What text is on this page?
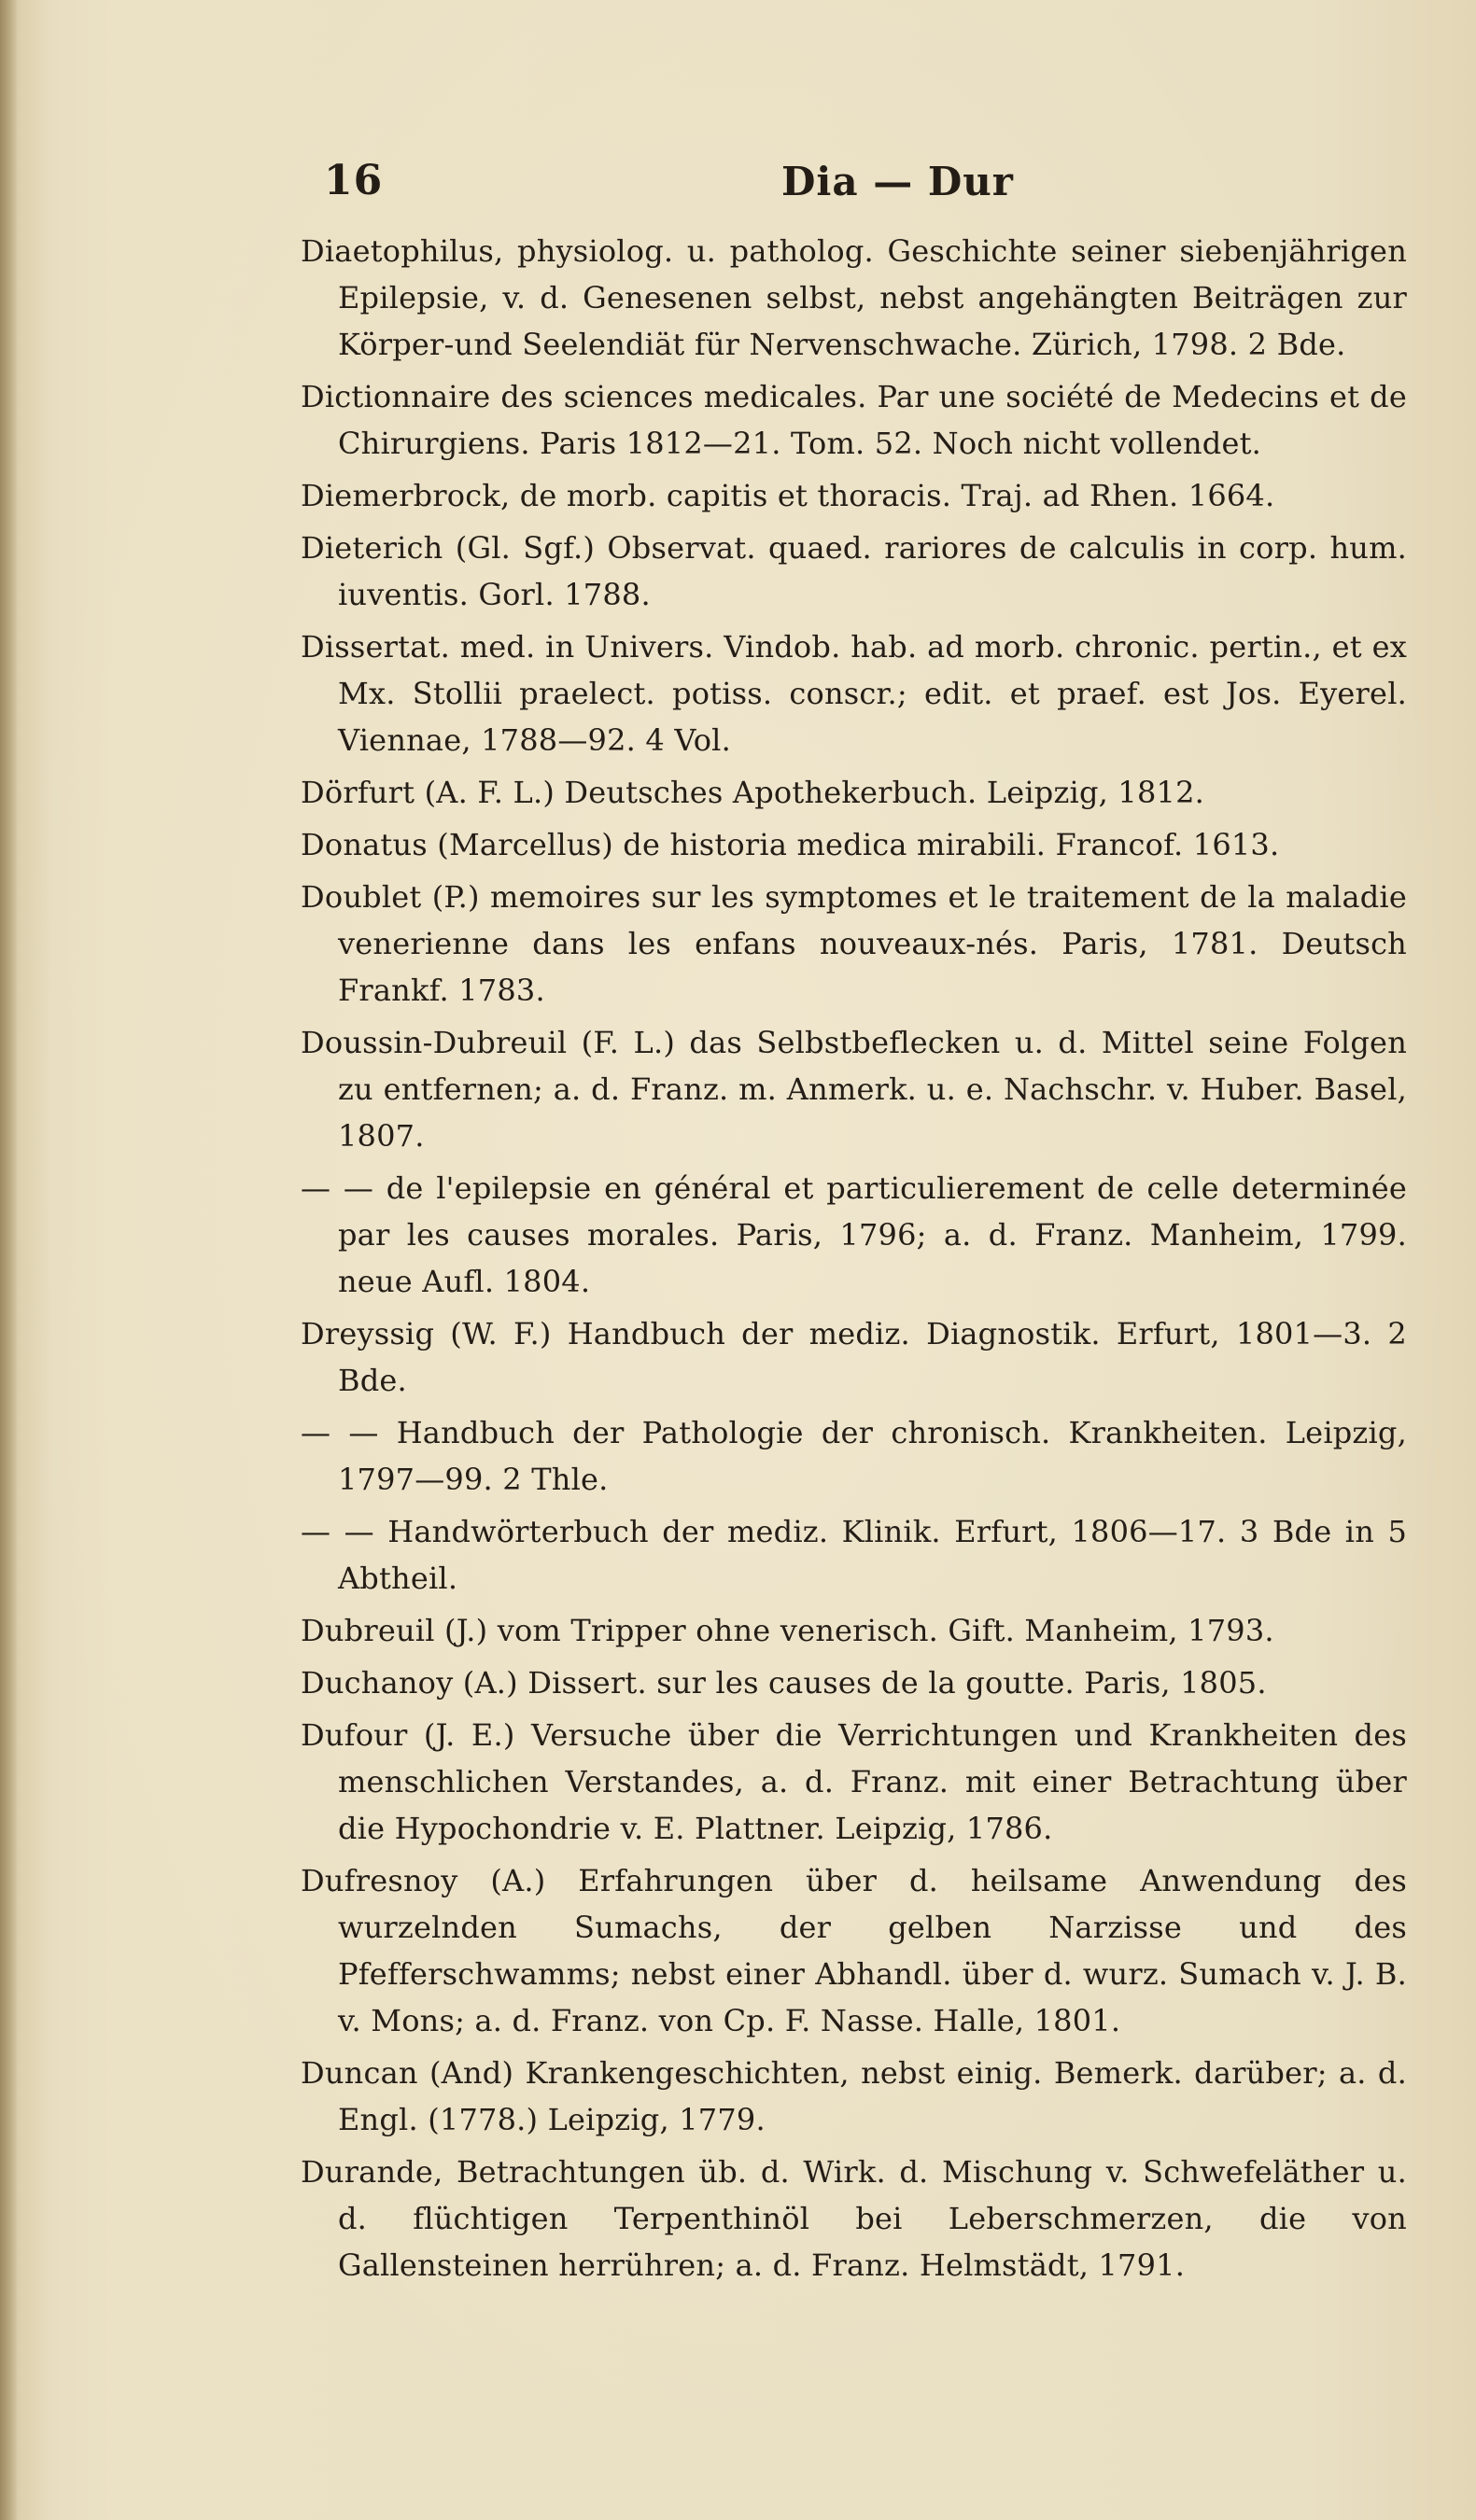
16	Dia — Dur
Diaetophilus, physiolog. u. patholog. Geschichte seiner siebenjährigen Epilepsie, v. d. Genesenen selbst, nebst angehängten Beiträgen zur Körper-und Seelendiät für Nervenschwache. Zürich, 1798. 2 Bde.
Dictionnaire des sciences medicales. Par une société de Medecins et de Chirurgiens. Paris 1812—21. Tom. 52. Noch nicht vollendet.
Diemerbrock, de morb. capitis et thoracis. Traj. ad Rhen. 1664.
Dieterich (Gl. Sgf.) Observat. quaed. rariores de calculis in corp. hum. iuventis. Gorl. 1788.
Dissertat. med. in Univers. Vindob. hab. ad morb. chronic. pertin., et ex Mx. Stollii praelect. potiss. conscr.; edit. et praef. est Jos. Eyerel. Viennae, 1788—92. 4 Vol.
Dörfurt (A. F. L.) Deutsches Apothekerbuch. Leipzig, 1812.
Donatus (Marcellus) de historia medica mirabili. Francof. 1613.
Doublet (P.) memoires sur les symptomes et le traitement de la maladie venerienne dans les enfans nouveaux-nés. Paris, 1781. Deutsch Frankf. 1783.
Doussin-Dubreuil (F. L.) das Selbstbeflecken u. d. Mittel seine Folgen zu entfernen; a. d. Franz. m. Anmerk. u. e. Nachschr. v. Huber. Basel, 1807.
— — de l'epilepsie en général et particulierement de celle determinée par les causes morales. Paris, 1796; a. d. Franz. Manheim, 1799. neue Aufl. 1804.
Dreyssig (W. F.) Handbuch der mediz. Diagnostik. Erfurt, 1801—3. 2 Bde.
— — Handbuch der Pathologie der chronisch. Krankheiten. Leipzig, 1797—99. 2 Thle.
— — Handwörterbuch der mediz. Klinik. Erfurt, 1806—17. 3 Bde in 5 Abtheil.
Dubreuil (J.) vom Tripper ohne venerisch. Gift. Manheim, 1793.
Duchanoy (A.) Dissert. sur les causes de la goutte. Paris, 1805.
Dufour (J. E.) Versuche über die Verrichtungen und Krankheiten des menschlichen Verstandes, a. d. Franz. mit einer Betrachtung über die Hypochondrie v. E. Plattner. Leipzig, 1786.
Dufresnoy (A.) Erfahrungen über d. heilsame Anwendung des wurzelnden Sumachs, der gelben Narzisse und des Pfefferschwamms; nebst einer Abhandl. über d. wurz. Sumach v. J. B. v. Mons; a. d. Franz. von Cp. F. Nasse. Halle, 1801.
Duncan (And) Krankengeschichten, nebst einig. Bemerk. darüber; a. d. Engl. (1778.) Leipzig, 1779.
Durande, Betrachtungen üb. d. Wirk. d. Mischung v. Schwefeläther u. d. flüchtigen Terpenthinöl bei Leberschmerzen, die von Gallensteinen herrühren; a. d. Franz. Helmstädt, 1791.
